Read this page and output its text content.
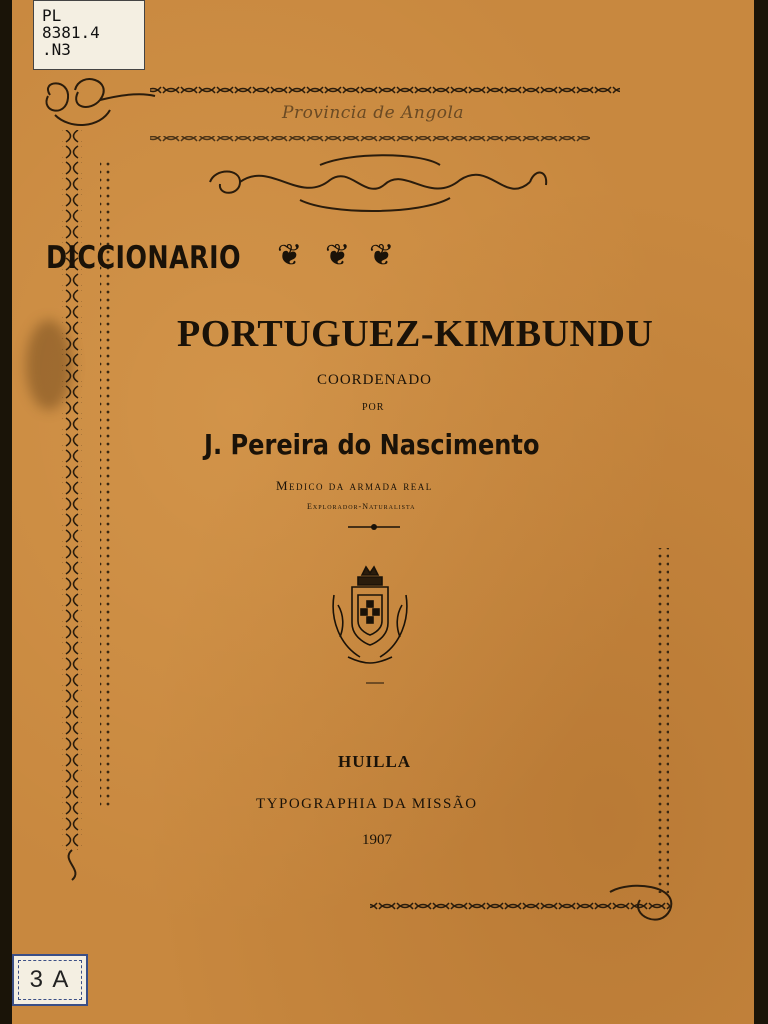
PL
8381.4
.N3
Provincia de Angola
DICCIONARIO ❦ ❦ ❦
PORTUGUEZ-KIMBUNDU
COORDENADO
POR
J. Pereira do Nascimento
Medico da armada real
Explorador-Naturalista
HUILLA
TYPOGRAPHIA DA MISSÃO
1907
3 A
